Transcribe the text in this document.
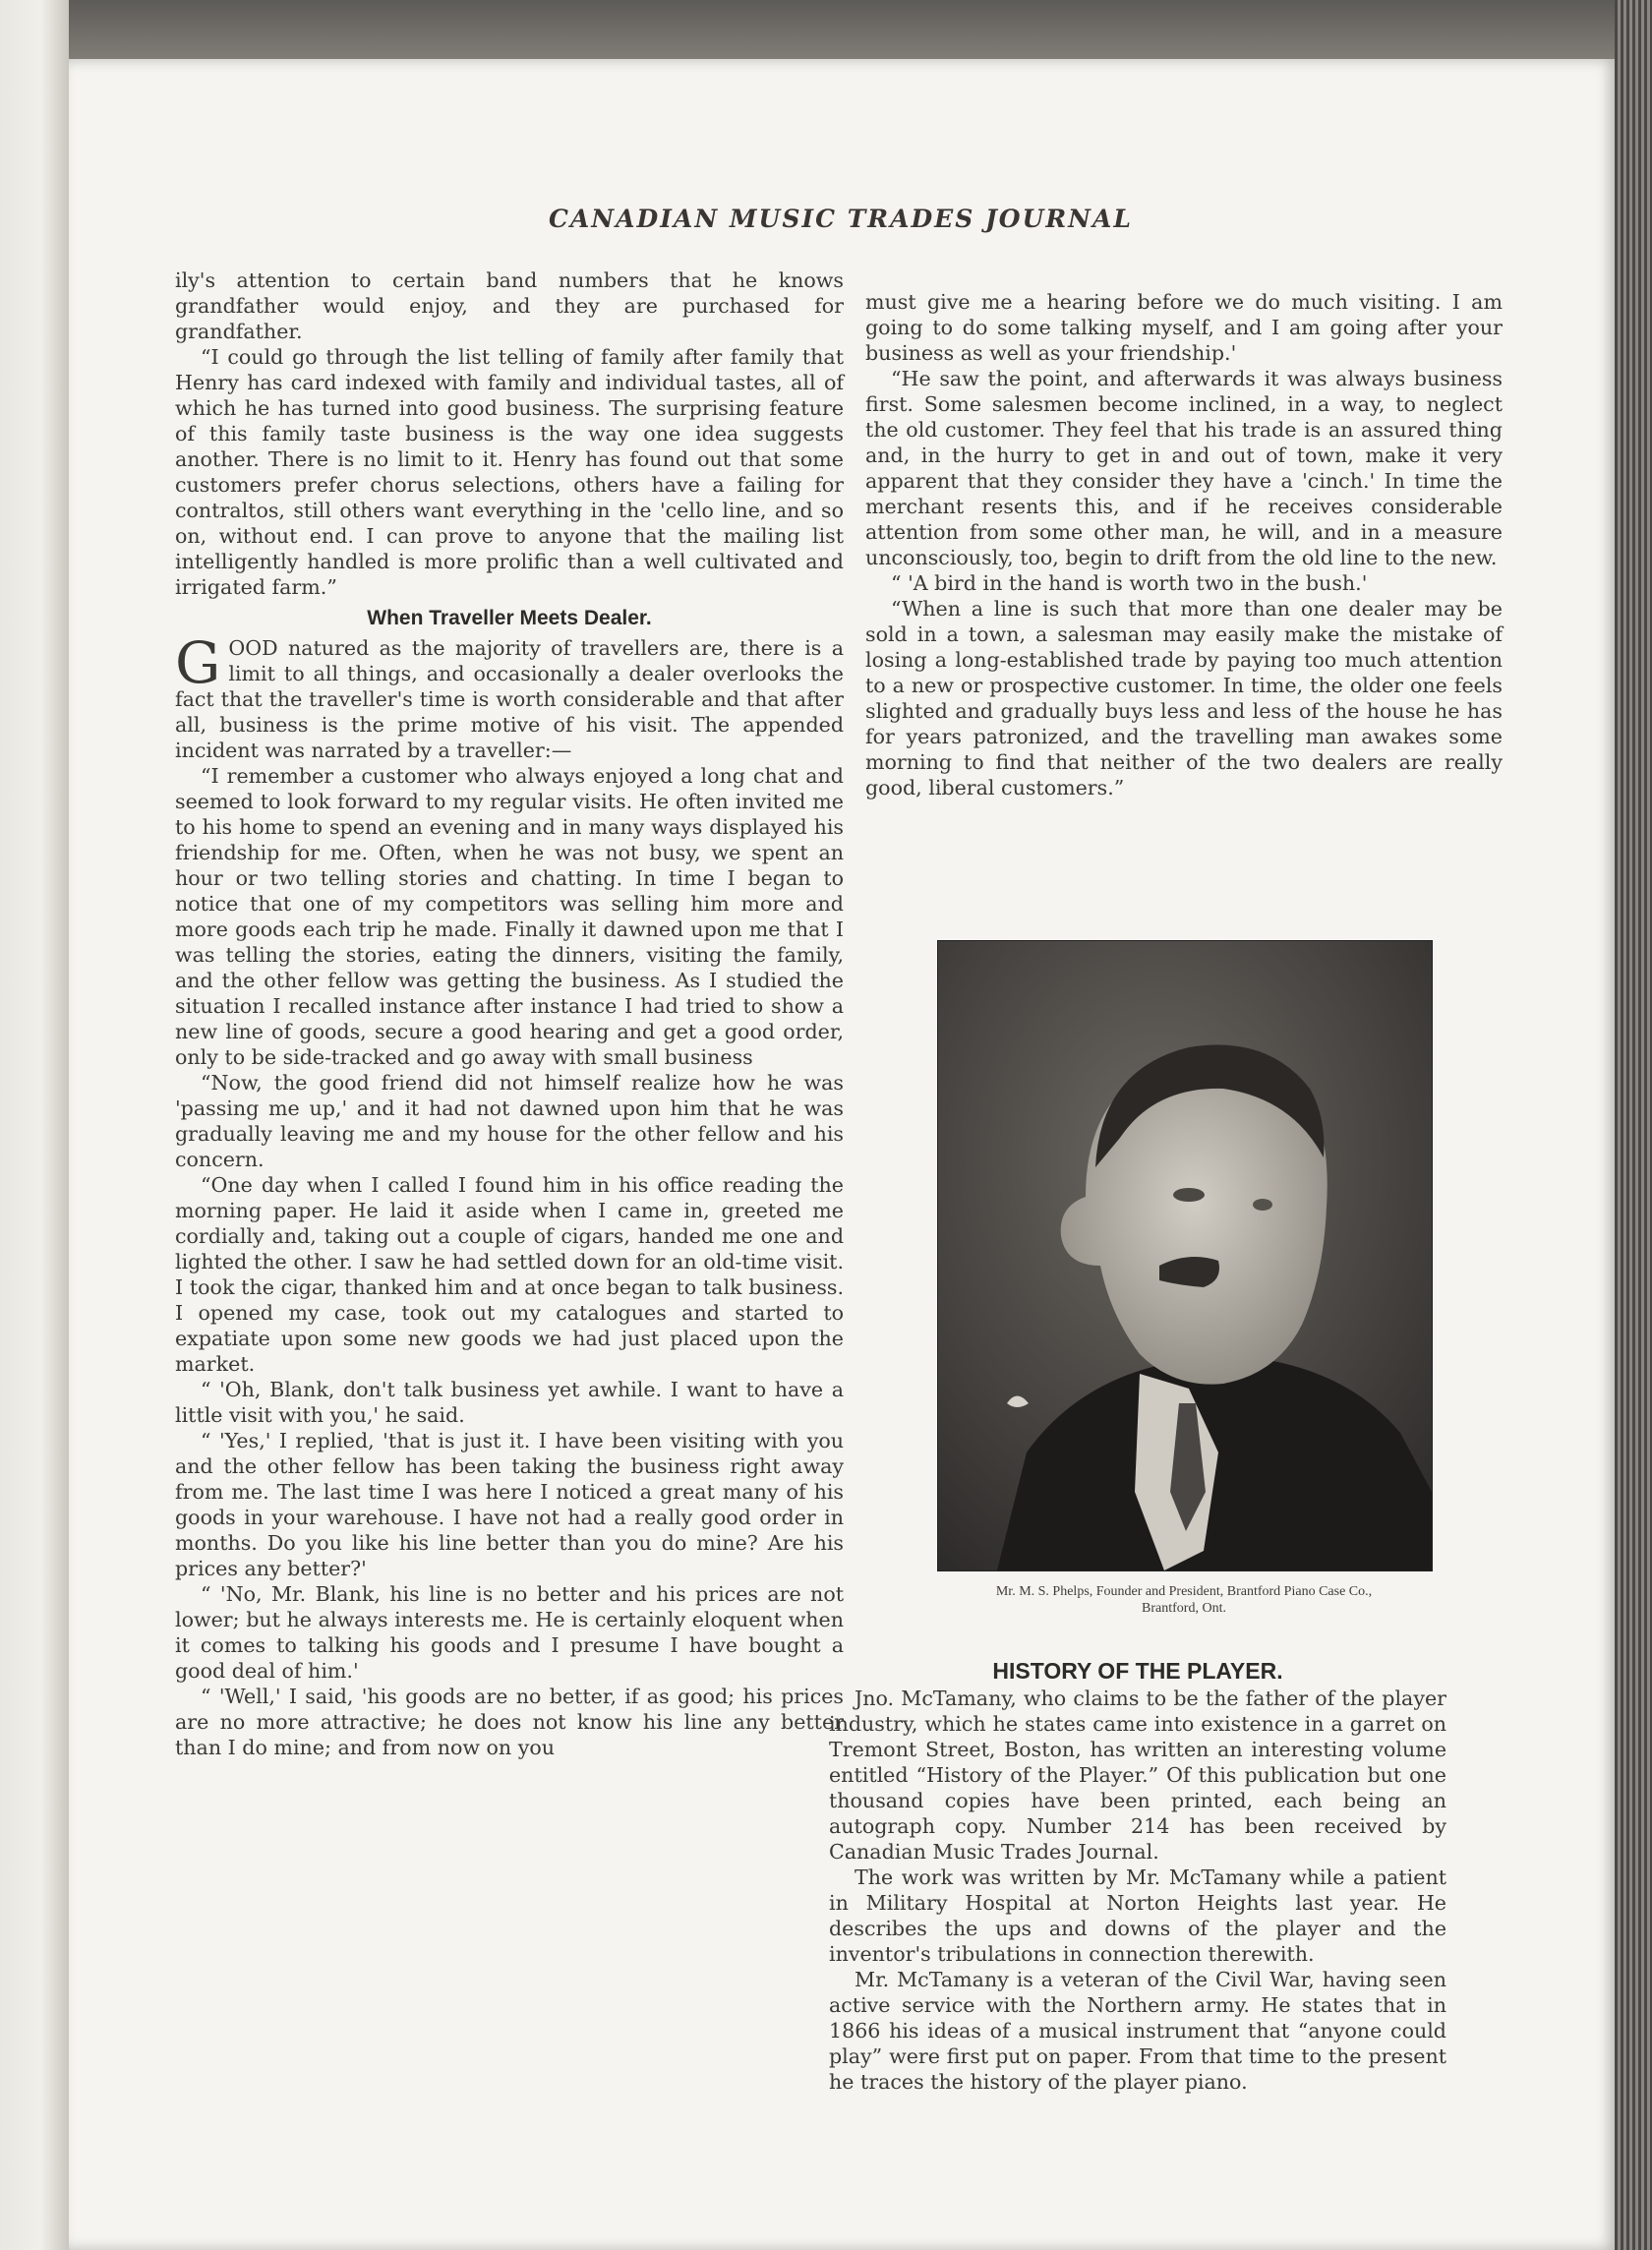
CANADIAN MUSIC TRADES JOURNAL

ily's attention to certain band numbers that he knows grandfather would enjoy, and they are purchased for grandfather.

“I could go through the list telling of family after family that Henry has card indexed with family and individual tastes, all of which he has turned into good business. The surprising feature of this family taste business is the way one idea suggests another. There is no limit to it. Henry has found out that some customers prefer chorus selections, others have a failing for contraltos, still others want everything in the 'cello line, and so on, without end. I can prove to anyone that the mailing list intelligently handled is more prolific than a well cultivated and irrigated farm.”

When Traveller Meets Dealer.

GOOD natured as the majority of travellers are, there is a limit to all things, and occasionally a dealer overlooks the fact that the traveller's time is worth considerable and that after all, business is the prime motive of his visit. The appended incident was narrated by a traveller:—

“I remember a customer who always enjoyed a long chat and seemed to look forward to my regular visits. He often invited me to his home to spend an evening and in many ways displayed his friendship for me. Often, when he was not busy, we spent an hour or two telling stories and chatting. In time I began to notice that one of my competitors was selling him more and more goods each trip he made. Finally it dawned upon me that I was telling the stories, eating the dinners, visiting the family, and the other fellow was getting the business. As I studied the situation I recalled instance after instance I had tried to show a new line of goods, secure a good hearing and get a good order, only to be side-tracked and go away with small business

“Now, the good friend did not himself realize how he was 'passing me up,' and it had not dawned upon him that he was gradually leaving me and my house for the other fellow and his concern.

“One day when I called I found him in his office reading the morning paper. He laid it aside when I came in, greeted me cordially and, taking out a couple of cigars, handed me one and lighted the other. I saw he had settled down for an old-time visit. I took the cigar, thanked him and at once began to talk business. I opened my case, took out my catalogues and started to expatiate upon some new goods we had just placed upon the market.

“ 'Oh, Blank, don't talk business yet awhile. I want to have a little visit with you,' he said.

“ 'Yes,' I replied, 'that is just it. I have been visiting with you and the other fellow has been taking the business right away from me. The last time I was here I noticed a great many of his goods in your warehouse. I have not had a really good order in months. Do you like his line better than you do mine? Are his prices any better?'

“ 'No, Mr. Blank, his line is no better and his prices are not lower; but he always interests me. He is certainly eloquent when it comes to talking his goods and I presume I have bought a good deal of him.'

“ 'Well,' I said, 'his goods are no better, if as good; his prices are no more attractive; he does not know his line any better than I do mine; and from now on you

must give me a hearing before we do much visiting. I am going to do some talking myself, and I am going after your business as well as your friendship.'

“He saw the point, and afterwards it was always business first. Some salesmen become inclined, in a way, to neglect the old customer. They feel that his trade is an assured thing and, in the hurry to get in and out of town, make it very apparent that they consider they have a 'cinch.' In time the merchant resents this, and if he receives considerable attention from some other man, he will, and in a measure unconsciously, too, begin to drift from the old line to the new.

“ 'A bird in the hand is worth two in the bush.'

“When a line is such that more than one dealer may be sold in a town, a salesman may easily make the mistake of losing a long-established trade by paying too much attention to a new or prospective customer. In time, the older one feels slighted and gradually buys less and less of the house he has for years patronized, and the travelling man awakes some morning to find that neither of the two dealers are really good, liberal customers.”

Mr. M. S. Phelps, Founder and President, Brantford Piano Case Co.,
Brantford, Ont.
HISTORY OF THE PLAYER.

Jno. McTamany, who claims to be the father of the player industry, which he states came into existence in a garret on Tremont Street, Boston, has written an interesting volume entitled “History of the Player.” Of this publication but one thousand copies have been printed, each being an autograph copy. Number 214 has been received by Canadian Music Trades Journal.

The work was written by Mr. McTamany while a patient in Military Hospital at Norton Heights last year. He describes the ups and downs of the player and the inventor's tribulations in connection therewith.

Mr. McTamany is a veteran of the Civil War, having seen active service with the Northern army. He states that in 1866 his ideas of a musical instrument that “anyone could play” were first put on paper. From that time to the present he traces the history of the player piano.
